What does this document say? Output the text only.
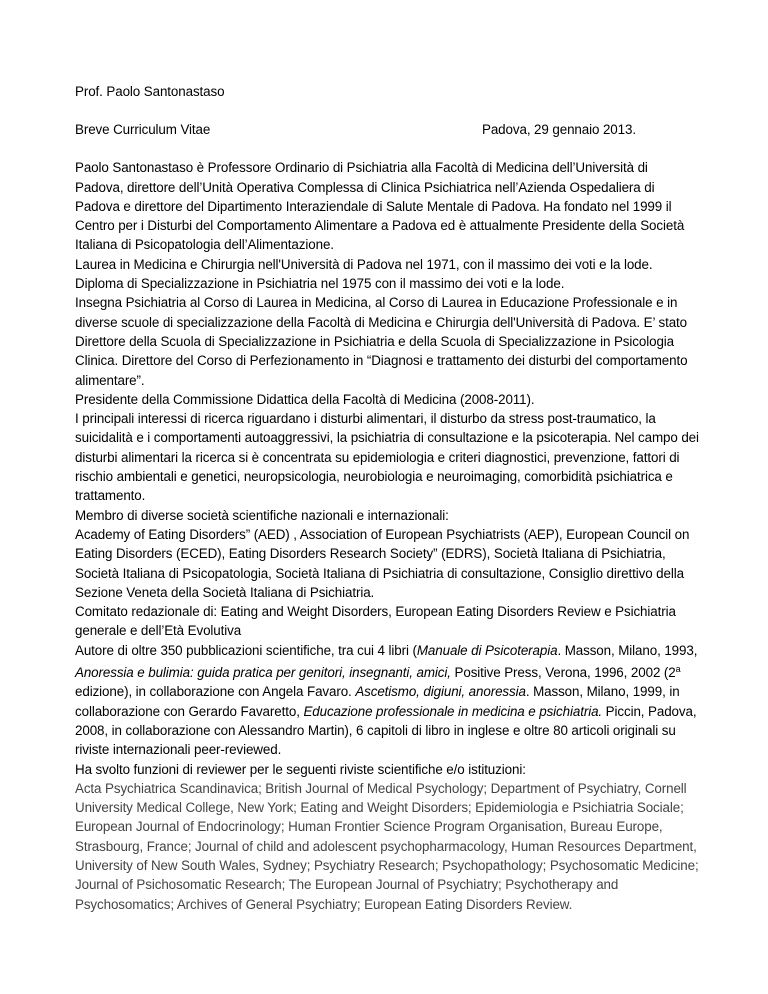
Prof. Paolo Santonastaso

Breve Curriculum Vitae	Padova, 29 gennaio 2013.

Paolo Santonastaso è Professore Ordinario di Psichiatria alla Facoltà di Medicina dell’Università di Padova, direttore dell’Unità Operativa Complessa di Clinica Psichiatrica nell’Azienda Ospedaliera di Padova e direttore del Dipartimento Interaziendale di Salute Mentale di Padova. Ha fondato nel 1999 il Centro per i Disturbi del Comportamento Alimentare a Padova ed è attualmente Presidente della Società Italiana di Psicopatologia dell’Alimentazione.

Laurea in Medicina e Chirurgia nell'Università di Padova nel 1971, con il massimo dei voti e la lode.

Diploma di Specializzazione in Psichiatria nel 1975 con il massimo dei voti e la lode.

Insegna Psichiatria al Corso di Laurea in Medicina, al Corso di Laurea in Educazione Professionale e in diverse scuole di specializzazione della Facoltà di Medicina e Chirurgia dell'Università di Padova. E’ stato Direttore della Scuola di Specializzazione in Psichiatria e della Scuola di Specializzazione in Psicologia Clinica. Direttore del Corso di Perfezionamento in “Diagnosi e trattamento dei disturbi del comportamento alimentare”.

Presidente della Commissione Didattica della Facoltà di Medicina (2008-2011).

I principali interessi di ricerca riguardano i disturbi alimentari, il disturbo da stress post-traumatico, la suicidalità e i comportamenti autoaggressivi, la psichiatria di consultazione e la psicoterapia. Nel campo dei disturbi alimentari la ricerca si è concentrata su epidemiologia e criteri diagnostici, prevenzione, fattori di rischio ambientali e genetici, neuropsicologia, neurobiologia e neuroimaging, comorbidità psichiatrica e trattamento.

Membro di diverse società scientifiche nazionali e internazionali:

Academy of Eating Disorders” (AED) , Association of European Psychiatrists (AEP), European Council on Eating Disorders (ECED), Eating Disorders Research Society” (EDRS), Società Italiana di Psichiatria, Società Italiana di Psicopatologia, Società Italiana di Psichiatria di consultazione, Consiglio direttivo della Sezione Veneta della Società Italiana di Psichiatria.

Comitato redazionale di: Eating and Weight Disorders, European Eating Disorders Review e Psichiatria generale e dell’Età Evolutiva

Autore di oltre 350 pubblicazioni scientifiche, tra cui 4 libri (Manuale di Psicoterapia. Masson, Milano, 1993, Anoressia e bulimia: guida pratica per genitori, insegnanti, amici, Positive Press, Verona, 1996, 2002 (2$^a$ edizione), in collaborazione con Angela Favaro. Ascetismo, digiuni, anoressia. Masson, Milano, 1999, in collaborazione con Gerardo Favaretto, Educazione professionale in medicina e psichiatria. Piccin, Padova, 2008, in collaborazione con Alessandro Martin), 6 capitoli di libro in inglese e oltre 80 articoli originali su riviste internazionali peer-reviewed.

Ha svolto funzioni di reviewer per le seguenti riviste scientifiche e/o istituzioni:

Acta Psychiatrica Scandinavica; British Journal of Medical Psychology; Department of Psychiatry, Cornell University Medical College, New York; Eating and Weight Disorders; Epidemiologia e Psichiatria Sociale; European Journal of Endocrinology; Human Frontier Science Program Organisation, Bureau Europe, Strasbourg, France; Journal of child and adolescent psychopharmacology, Human Resources Department, University of New South Wales, Sydney; Psychiatry Research; Psychopathology; Psychosomatic Medicine; Journal of Psichosomatic Research; The European Journal of Psychiatry; Psychotherapy and Psychosomatics; Archives of General Psychiatry; European Eating Disorders Review.
